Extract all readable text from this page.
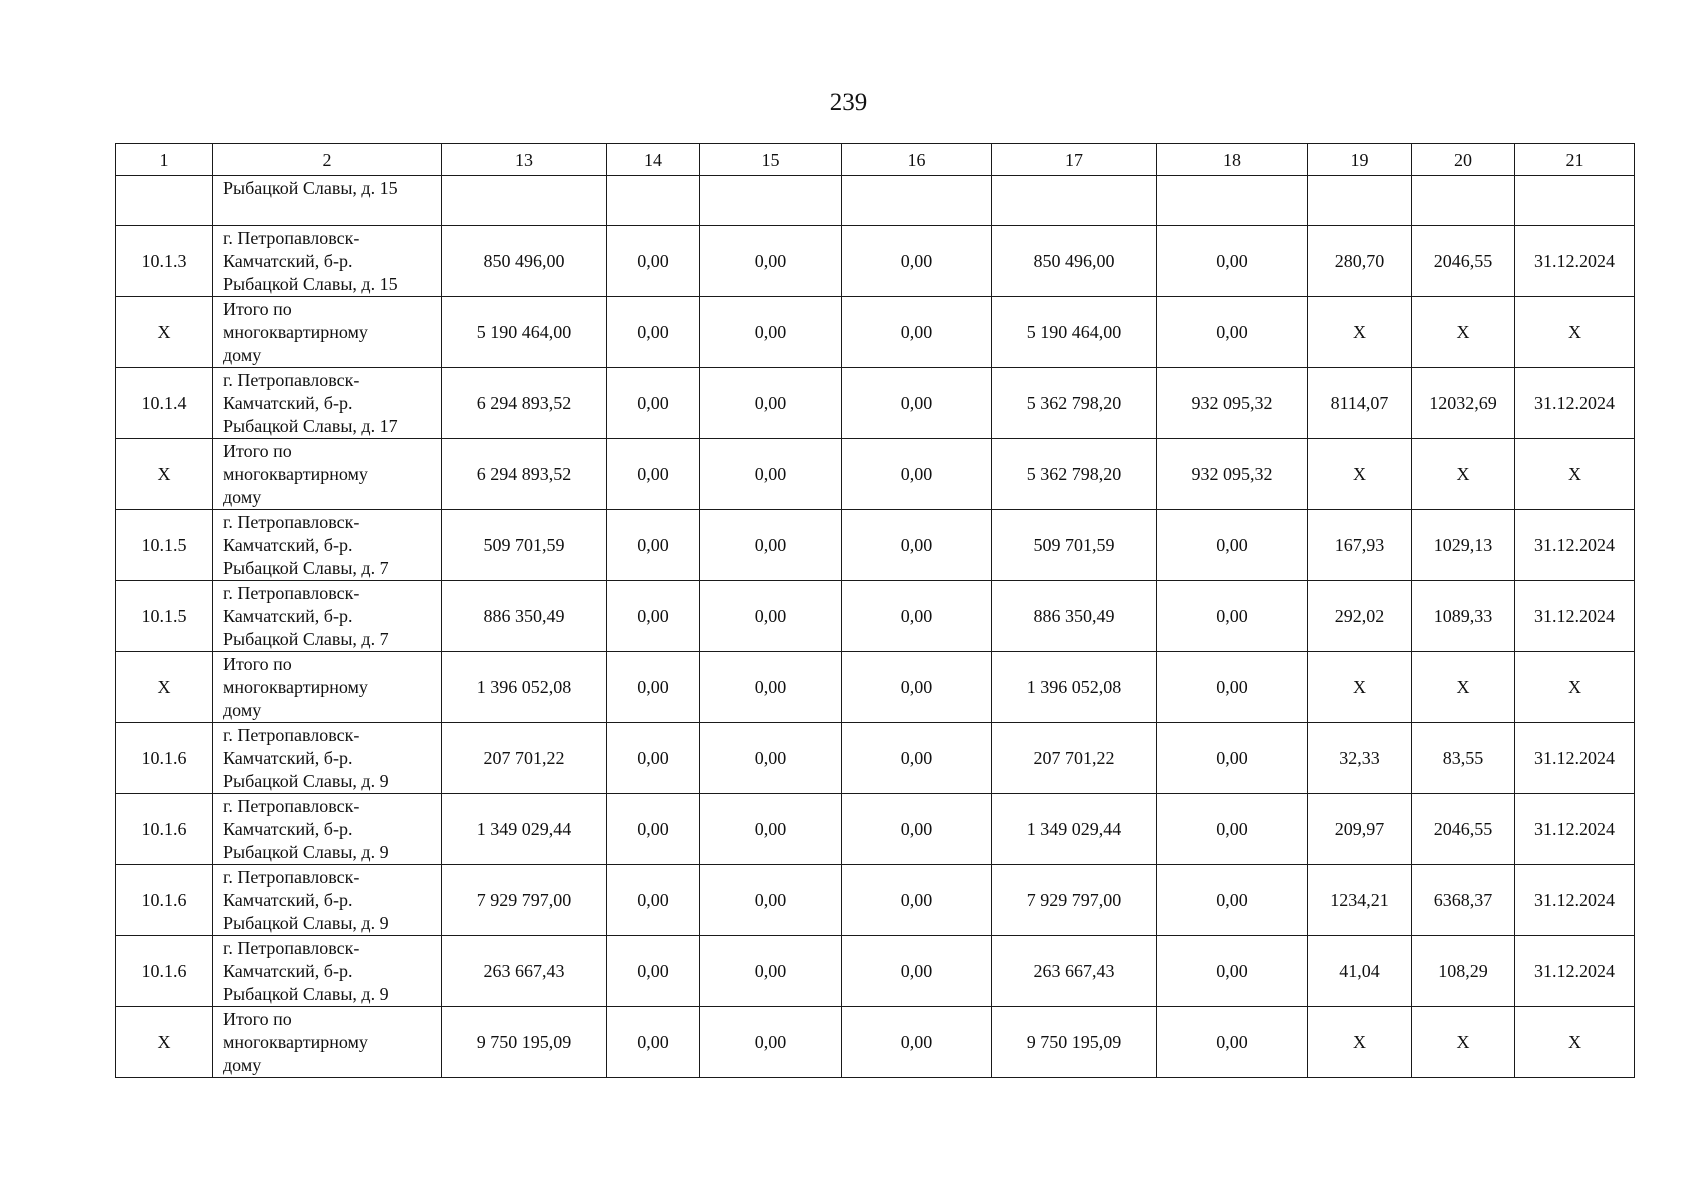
239
1	2	13	14	15	16	17	18	19	20	21

	Рыбацкой Славы, д. 15									

10.1.3	г. Петропавловск-
Камчатский, б-р.
Рыбацкой Славы, д. 15	850 496,00	0,00	0,00	0,00	850 496,00	0,00	280,70	2046,55	31.12.2024
X	Итого по
многоквартирному
дому	5 190 464,00	0,00	0,00	0,00	5 190 464,00	0,00	X	X	X
10.1.4	г. Петропавловск-
Камчатский, б-р.
Рыбацкой Славы, д. 17	6 294 893,52	0,00	0,00	0,00	5 362 798,20	932 095,32	8114,07	12032,69	31.12.2024
X	Итого по
многоквартирному
дому	6 294 893,52	0,00	0,00	0,00	5 362 798,20	932 095,32	X	X	X
10.1.5	г. Петропавловск-
Камчатский, б-р.
Рыбацкой Славы, д. 7	509 701,59	0,00	0,00	0,00	509 701,59	0,00	167,93	1029,13	31.12.2024
10.1.5	г. Петропавловск-
Камчатский, б-р.
Рыбацкой Славы, д. 7	886 350,49	0,00	0,00	0,00	886 350,49	0,00	292,02	1089,33	31.12.2024
X	Итого по
многоквартирному
дому	1 396 052,08	0,00	0,00	0,00	1 396 052,08	0,00	X	X	X
10.1.6	г. Петропавловск-
Камчатский, б-р.
Рыбацкой Славы, д. 9	207 701,22	0,00	0,00	0,00	207 701,22	0,00	32,33	83,55	31.12.2024
10.1.6	г. Петропавловск-
Камчатский, б-р.
Рыбацкой Славы, д. 9	1 349 029,44	0,00	0,00	0,00	1 349 029,44	0,00	209,97	2046,55	31.12.2024
10.1.6	г. Петропавловск-
Камчатский, б-р.
Рыбацкой Славы, д. 9	7 929 797,00	0,00	0,00	0,00	7 929 797,00	0,00	1234,21	6368,37	31.12.2024
10.1.6	г. Петропавловск-
Камчатский, б-р.
Рыбацкой Славы, д. 9	263 667,43	0,00	0,00	0,00	263 667,43	0,00	41,04	108,29	31.12.2024
X	Итого по
многоквартирному
дому	9 750 195,09	0,00	0,00	0,00	9 750 195,09	0,00	X	X	X
